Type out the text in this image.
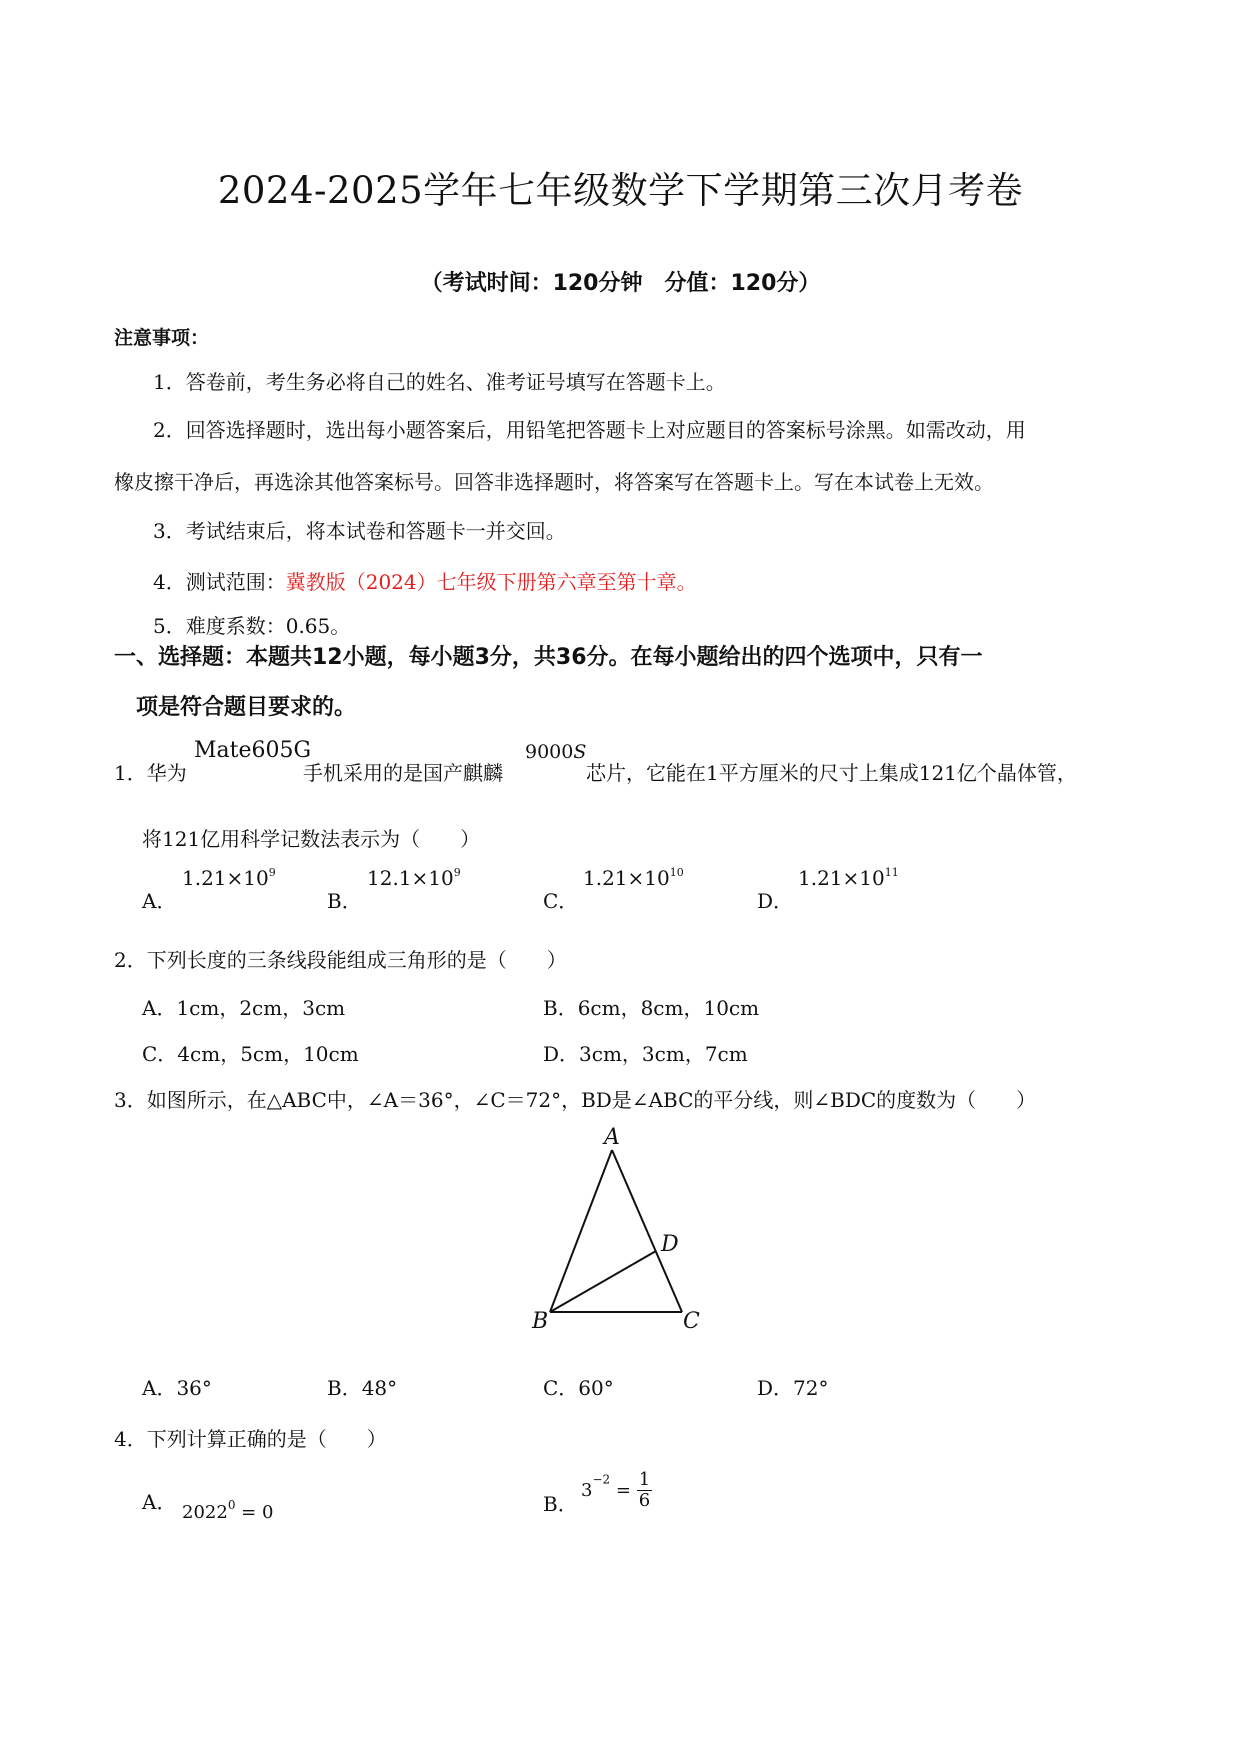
2024-2025学年七年级数学下学期第三次月考卷
（考试时间：120分钟　分值：120分）
注意事项：
1．答卷前，考生务必将自己的姓名、准考证号填写在答题卡上。
2．回答选择题时，选出每小题答案后，用铅笔把答题卡上对应题目的答案标号涂黑。如需改动，用
橡皮擦干净后，再选涂其他答案标号。回答非选择题时，将答案写在答题卡上。写在本试卷上无效。
3．考试结束后，将本试卷和答题卡一并交回。
4．测试范围：冀教版（2024）七年级下册第六章至第十章。
5．难度系数：0.65。
一、选择题：本题共12小题，每小题3分，共36分。在每小题给出的四个选项中，只有一
项是符合题目要求的。
1．华为
Mate605G
手机采用的是国产麒麟
9000S
芯片，它能在1平方厘米的尺寸上集成121亿个晶体管，
将121亿用科学记数法表示为（　　）
A．
$1.21\times 10^9$
B．
$12.1\times 10^9$
C．
$1.21\times 10^{10}$
D．
$1.21\times 10^{11}$
2．下列长度的三条线段能组成三角形的是（　　）
A．1cm，2cm，3cm	B．6cm，8cm，10cm
C．4cm，5cm，10cm	D．3cm，3cm，7cm
3．如图所示，在△ABC中，∠A＝36°，∠C＝72°，BD是∠ABC的平分线，则∠BDC的度数为（　　）
A
B	C
D
A．36°	B．48°	C．60°	D．72°
4．下列计算正确的是（　　）
A． $2022^0 = 0$	B．
$3^{-2} = \frac{1}{6}$
